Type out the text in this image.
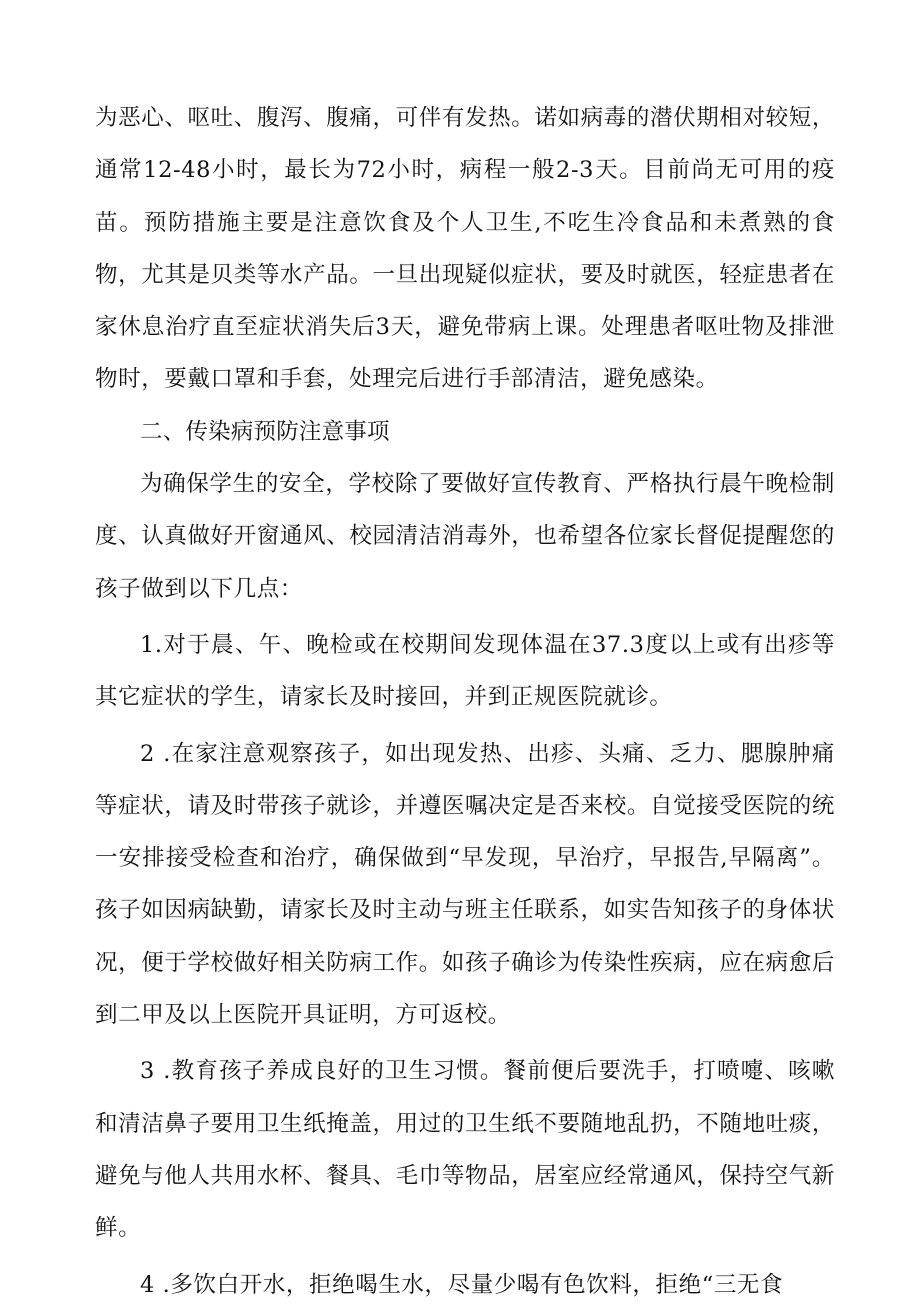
为恶心、呕吐、腹泻、腹痛，可伴有发热。诺如病毒的潜伏期相对较短，通常12-48小时，最长为72小时，病程一般2-3天。目前尚无可用的疫苗。预防措施主要是注意饮食及个人卫生,不吃生冷食品和未煮熟的食物，尤其是贝类等水产品。一旦出现疑似症状，要及时就医，轻症患者在家休息治疗直至症状消失后3天，避免带病上课。处理患者呕吐物及排泄物时，要戴口罩和手套，处理完后进行手部清洁，避免感染。

二、传染病预防注意事项

为确保学生的安全，学校除了要做好宣传教育、严格执行晨午晚检制度、认真做好开窗通风、校园清洁消毒外，也希望各位家长督促提醒您的孩子做到以下几点：

1.对于晨、午、晚检或在校期间发现体温在37.3度以上或有出疹等其它症状的学生，请家长及时接回，并到正规医院就诊。

2 .在家注意观察孩子，如出现发热、出疹、头痛、乏力、腮腺肿痛等症状，请及时带孩子就诊，并遵医嘱决定是否来校。自觉接受医院的统一安排接受检查和治疗，确保做到“早发现，早治疗，早报告,早隔离”。孩子如因病缺勤，请家长及时主动与班主任联系，如实告知孩子的身体状况，便于学校做好相关防病工作。如孩子确诊为传染性疾病，应在病愈后到二甲及以上医院开具证明，方可返校。

3 .教育孩子养成良好的卫生习惯。餐前便后要洗手，打喷嚏、咳嗽和清洁鼻子要用卫生纸掩盖，用过的卫生纸不要随地乱扔，不随地吐痰，避免与他人共用水杯、餐具、毛巾等物品，居室应经常通风，保持空气新鲜。

4 .多饮白开水，拒绝喝生水，尽量少喝有色饮料，拒绝“三无食
